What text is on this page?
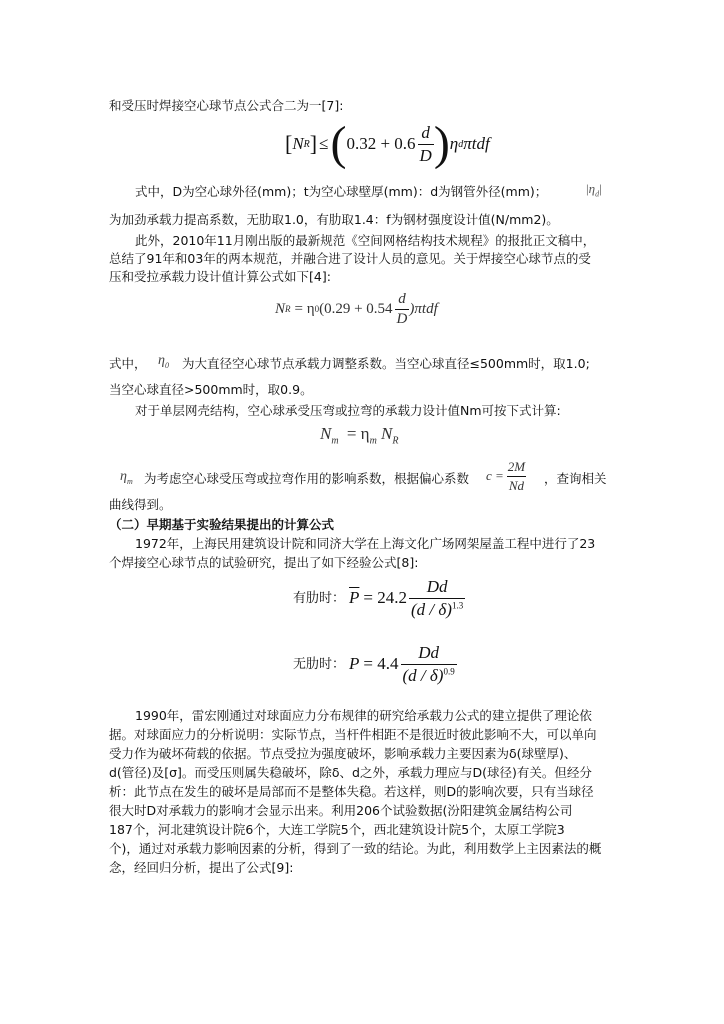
和受压时焊接空心球节点公式合二为一[7]:
[ N R ] ≤ ( $0.32 + 0.6 \frac{d}{D}$ ) η d πtdf
式中，D为空心球外径(mm)；t为空心球壁厚(mm)：d为钢管外径(mm)；	$|\eta_d|$
为加劲承载力提高系数，无肋取1.0，有肋取1.4：f为钢材强度设计值(N/mm2)。
此外，2010年11月刚出版的最新规范《空间网格结构技术规程》的报批正文稿中，
总结了91年和03年的两本规范，并融合进了设计人员的意见。关于焊接空心球节点的受
压和受拉承载力设计值计算公式如下[4]:
N R = η 0 $(0.29 + 0.54 \frac{d}{D} )\pi tdf$
式中， $\eta_0$ 为大直径空心球节点承载力调整系数。当空心球直径≤500mm时，取1.0;
当空心球直径>500mm时，取0.9。
对于单层网壳结构，空心球承受压弯或拉弯的承载力设计值Nm可按下式计算:
$N_m = \eta_m$ $N_R$
$\eta_m$ 为考虑空心球受压弯或拉弯作用的影响系数，根据偏心系数 $c = \frac{2M}{Nd}$ ，查询相关
曲线得到。
（二）早期基于实验结果提出的计算公式
1972年，上海民用建筑设计院和同济大学在上海文化广场网架屋盖工程中进行了23
个焊接空心球节点的试验研究，提出了如下经验公式[8]:
有肋时： $\overline{P} = 24.2 \frac{Dd}{(d / \delta)^{1.3}}$
无肋时： $P = 4.4 \frac{Dd}{(d / \delta)^{0.9}}$
1990年，雷宏刚通过对球面应力分布规律的研究给承载力公式的建立提供了理论依
据。对球面应力的分析说明：实际节点，当杆件相距不是很近时彼此影响不大，可以单向
受力作为破坏荷载的依据。节点受拉为强度破坏，影响承载力主要因素为δ(球壁厚)、
d(管径)及[σ]。而受压则属失稳破坏，除δ、d之外，承载力理应与D(球径)有关。但经分
析：此节点在发生的破坏是局部而不是整体失稳。若这样，则D的影响次要，只有当球径
很大时D对承载力的影响才会显示出来。利用206个试验数据(汾阳建筑金属结构公司
187个，河北建筑设计院6个，大连工学院5个，西北建筑设计院5个，太原工学院3
个)，通过对承载力影响因素的分析，得到了一致的结论。为此，利用数学上主因素法的概
念，经回归分析，提出了公式[9]:
